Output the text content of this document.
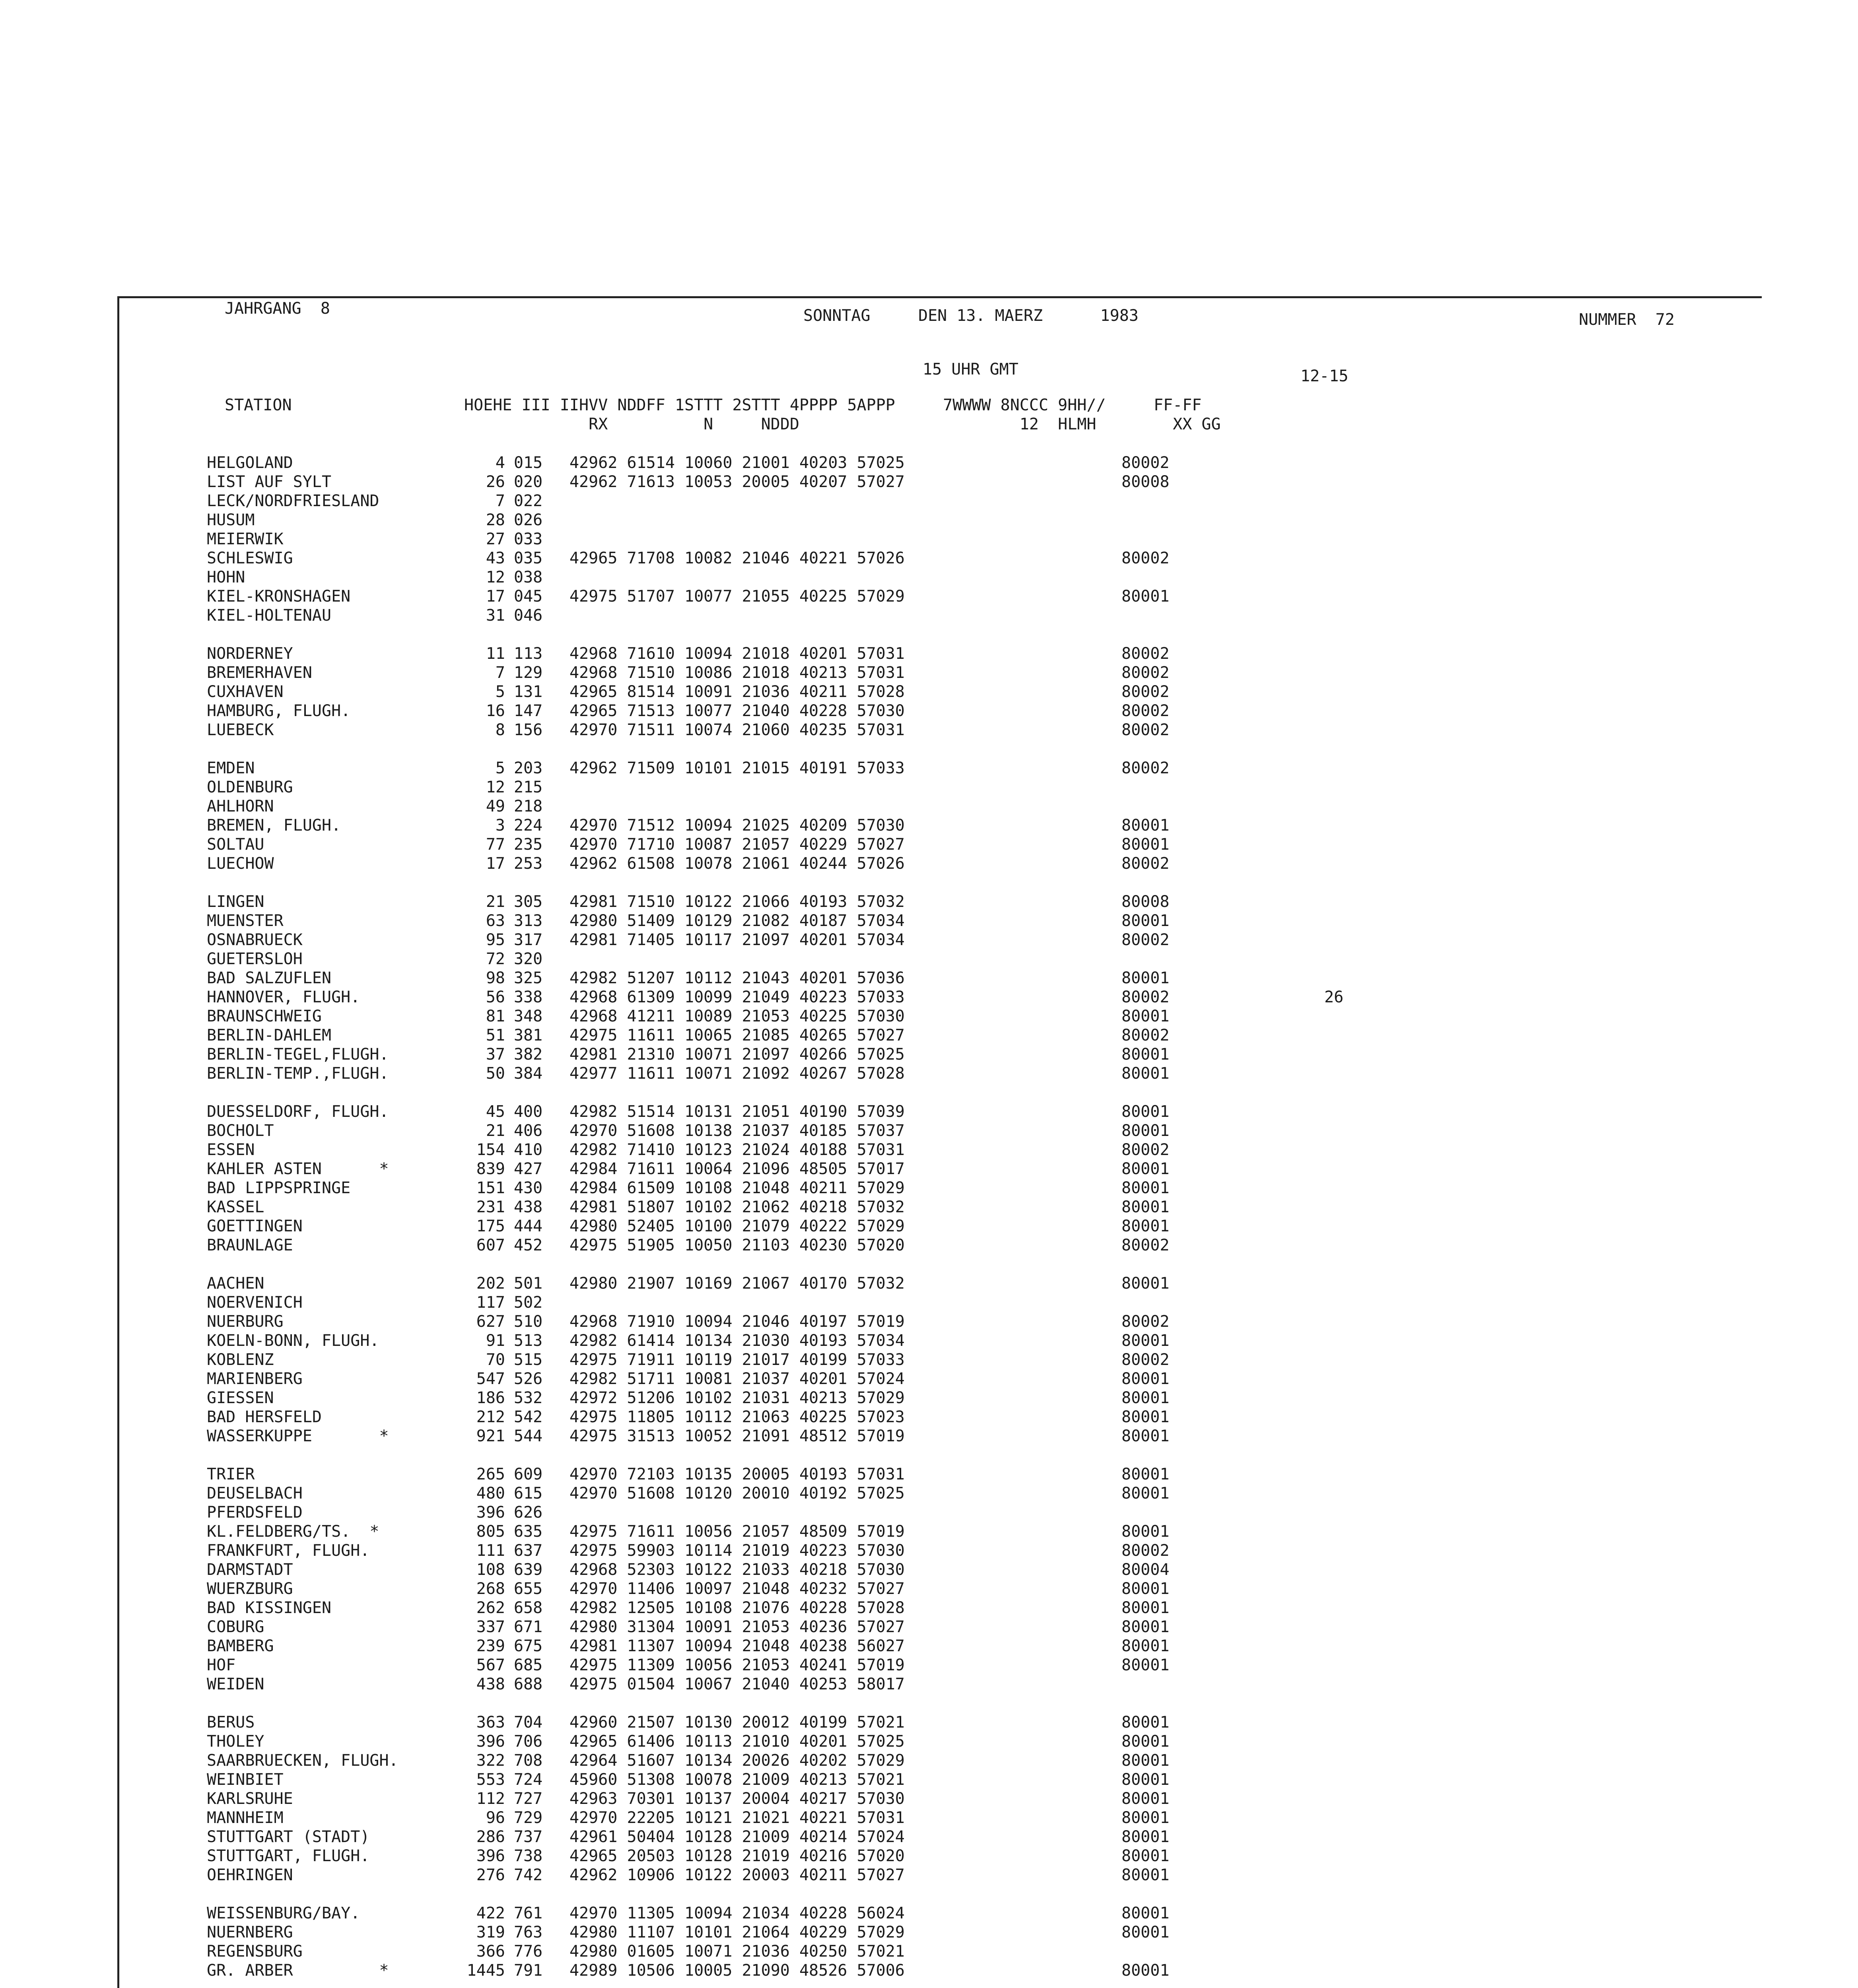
JAHRGANG  8	SONNTAG     DEN 13. MAERZ      1983	NUMMER  72
15 UHR GMT	12-15
STATION                  HOEHE III IIHVV NDDFF 1STTT 2STTT 4PPPP 5APPP     7WWWW 8NCCC 9HH//     FF-FF
RX          N     NDDD                       12  HLMH        XX GG
HELGOLAND	4 015 42962 61514 10060 21001 40203 57025	80002
LIST AUF SYLT	26 020 42962 71613 10053 20005 40207 57027	80008
LECK/NORDFRIESLAND	7 022
HUSUM	28 026
MEIERWIK	27 033
SCHLESWIG	43 035 42965 71708 10082 21046 40221 57026	80002
HOHN	12 038
KIEL-KRONSHAGEN	17 045 42975 51707 10077 21055 40225 57029	80001
KIEL-HOLTENAU	31 046
NORDERNEY	11 113 42968 71610 10094 21018 40201 57031	80002
BREMERHAVEN	7 129 42968 71510 10086 21018 40213 57031	80002
CUXHAVEN	5 131 42965 81514 10091 21036 40211 57028	80002
HAMBURG, FLUGH.	16 147 42965 71513 10077 21040 40228 57030	80002
LUEBECK	8 156 42970 71511 10074 21060 40235 57031	80002
EMDEN	5 203 42962 71509 10101 21015 40191 57033	80002
OLDENBURG	12 215
AHLHORN	49 218
BREMEN, FLUGH.	3 224 42970 71512 10094 21025 40209 57030	80001
SOLTAU	77 235 42970 71710 10087 21057 40229 57027	80001
LUECHOW	17 253 42962 61508 10078 21061 40244 57026	80002
LINGEN	21 305 42981 71510 10122 21066 40193 57032	80008
MUENSTER	63 313 42980 51409 10129 21082 40187 57034	80001
OSNABRUECK	95 317 42981 71405 10117 21097 40201 57034	80002
GUETERSLOH	72 320
BAD SALZUFLEN	98 325 42982 51207 10112 21043 40201 57036	80001
HANNOVER, FLUGH.	56 338 42968 61309 10099 21049 40223 57033	80002	26
BRAUNSCHWEIG	81 348 42968 41211 10089 21053 40225 57030	80001
BERLIN-DAHLEM	51 381 42975 11611 10065 21085 40265 57027	80002
BERLIN-TEGEL,FLUGH.	37 382 42981 21310 10071 21097 40266 57025	80001
BERLIN-TEMP.,FLUGH.	50 384 42977 11611 10071 21092 40267 57028	80001
DUESSELDORF, FLUGH.	45 400 42982 51514 10131 21051 40190 57039	80001
BOCHOLT	21 406 42970 51608 10138 21037 40185 57037	80001
ESSEN	154 410 42982 71410 10123 21024 40188 57031	80002
KAHLER ASTEN      *	839 427 42984 71611 10064 21096 48505 57017	80001
BAD LIPPSPRINGE	151 430 42984 61509 10108 21048 40211 57029	80001
KASSEL	231 438 42981 51807 10102 21062 40218 57032	80001
GOETTINGEN	175 444 42980 52405 10100 21079 40222 57029	80001
BRAUNLAGE	607 452 42975 51905 10050 21103 40230 57020	80002
AACHEN	202 501 42980 21907 10169 21067 40170 57032	80001
NOERVENICH	117 502
NUERBURG	627 510 42968 71910 10094 21046 40197 57019	80002
KOELN-BONN, FLUGH.	91 513 42982 61414 10134 21030 40193 57034	80001
KOBLENZ	70 515 42975 71911 10119 21017 40199 57033	80002
MARIENBERG	547 526 42982 51711 10081 21037 40201 57024	80001
GIESSEN	186 532 42972 51206 10102 21031 40213 57029	80001
BAD HERSFELD	212 542 42975 11805 10112 21063 40225 57023	80001
WASSERKUPPE       *	921 544 42975 31513 10052 21091 48512 57019	80001
TRIER	265 609 42970 72103 10135 20005 40193 57031	80001
DEUSELBACH	480 615 42970 51608 10120 20010 40192 57025	80001
PFERDSFELD	396 626
KL.FELDBERG/TS.  *	805 635 42975 71611 10056 21057 48509 57019	80001
FRANKFURT, FLUGH.	111 637 42975 59903 10114 21019 40223 57030	80002
DARMSTADT	108 639 42968 52303 10122 21033 40218 57030	80004
WUERZBURG	268 655 42970 11406 10097 21048 40232 57027	80001
BAD KISSINGEN	262 658 42982 12505 10108 21076 40228 57028	80001
COBURG	337 671 42980 31304 10091 21053 40236 57027	80001
BAMBERG	239 675 42981 11307 10094 21048 40238 56027	80001
HOF	567 685 42975 11309 10056 21053 40241 57019	80001
WEIDEN	438 688 42975 01504 10067 21040 40253 58017
BERUS	363 704 42960 21507 10130 20012 40199 57021	80001
THOLEY	396 706 42965 61406 10113 21010 40201 57025	80001
SAARBRUECKEN, FLUGH.	322 708 42964 51607 10134 20026 40202 57029	80001
WEINBIET	553 724 45960 51308 10078 21009 40213 57021	80001
KARLSRUHE	112 727 42963 70301 10137 20004 40217 57030	80001
MANNHEIM	96 729 42970 22205 10121 21021 40221 57031	80001
STUTTGART (STADT)	286 737 42961 50404 10128 21009 40214 57024	80001
STUTTGART, FLUGH.	396 738 42965 20503 10128 21019 40216 57020	80001
OEHRINGEN	276 742 42962 10906 10122 20003 40211 57027	80001
WEISSENBURG/BAY.	422 761 42970 11305 10094 21034 40228 56024	80001
NUERNBERG	319 763 42980 11107 10101 21064 40229 57029	80001
REGENSBURG	366 776 42980 01605 10071 21036 40250 57021
GR. ARBER         *	1445 791 42989 10506 10005 21090 48526 57006	80001
